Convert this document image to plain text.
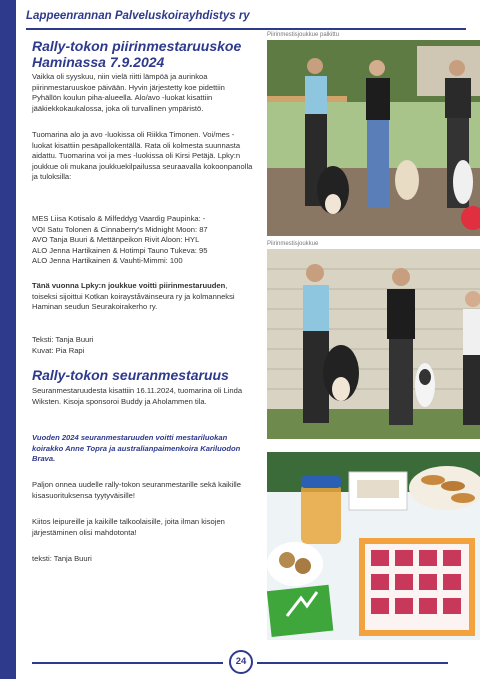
Lappeenrannan Palveluskoirayhdistys ry
Rally-tokon piirinmestaruuskoe
Haminassa 7.9.2024

Vaikka oli syyskuu, niin vielä riitti lämpöä ja aurinkoa piirinmestaruuskoe päivään. Hyvin järjestetty koe pidettiin Pyhällön koulun piha-alueella. Alo/avo -luokat kisattiin jääkiekkokaukalossa, joka oli turvallinen ympäristö.

Tuomarina alo ja avo -luokissa oli Riikka Timonen. Voi/mes -luokat kisattiin pesäpallokentällä. Rata oli kolmesta suunnasta aidattu. Tuomarina voi ja mes -luokissa oli Kirsi Petäjä. Lpky:n joukkue oli mukana joukkuekilpailussa seuraavalla kokoonpanolla ja tuloksilla:

MES Liisa Kotisalo & Milfeddyg Vaardig Paupinka: -
VOI Satu Tolonen & Cinnaberry's Midnight Moon: 87
AVO Tanja Buuri & Mettänpeikon Rivit Aloon: HYL
ALO Jenna Hartikainen & Hotimpi Tauno Tukeva: 95
ALO Jenna Hartikainen & Vauhti-Mimmi: 100

Tänä vuonna Lpky:n joukkue voitti piirinmestaruuden, toiseksi sijoittui Kotkan koirayståväinseura ry ja kolmanneksi Haminan seudun Seurakoirakerho ry.

Teksti: Tanja Buuri
Kuvat: Pia Rapi
Rally-tokon seuranmestaruus

Seuranmestaruudesta kisattiin 16.11.2024, tuomarina oli Linda Wiksten. Kisoja sponsoroi Buddy ja Aholammen tila.

Vuoden 2024 seuranmestaruuden voitti mestariluokan koirakko Anne Topra ja australianpaimenkoira Kariluodon Brava.

Paljon onnea uudelle rally-tokon seuranmestarille sekä kaikille kisasuorituksensa tyytyväisille!

Kiitos leipureille ja kaikille talkoolaisille, joita ilman kisojen järjestäminen olisi mahdotonta!

teksti: Tanja Buuri

Piirinmestisjoukkue palkittu
Piirinmestisjoukkue
24
